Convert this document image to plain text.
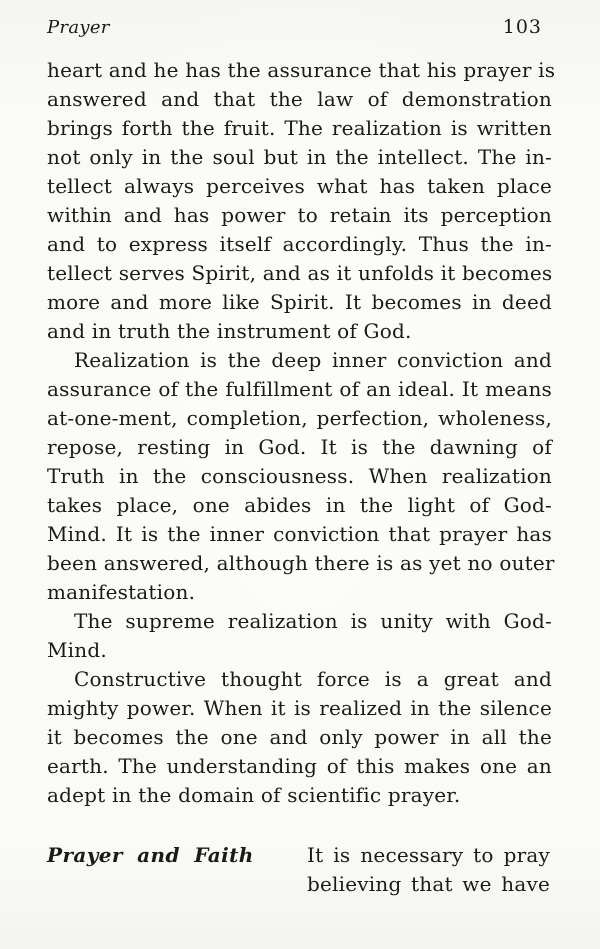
Prayer	103
heart and he has the assurance that his prayer is
answered and that the law of demonstration
brings forth the fruit. The realization is written
not only in the soul but in the intellect. The in-
tellect always perceives what has taken place
within and has power to retain its perception
and to express itself accordingly. Thus the in-
tellect serves Spirit, and as it unfolds it becomes
more and more like Spirit. It becomes in deed
and in truth the instrument of God.
Realization is the deep inner conviction and
assurance of the fulfillment of an ideal. It means
at-one-ment, completion, perfection, wholeness,
repose, resting in God. It is the dawning of
Truth in the consciousness. When realization
takes place, one abides in the light of God-
Mind. It is the inner conviction that prayer has
been answered, although there is as yet no outer
manifestation.
The supreme realization is unity with God-
Mind.
Constructive thought force is a great and
mighty power. When it is realized in the silence
it becomes the one and only power in all the
earth. The understanding of this makes one an
adept in the domain of scientific prayer.
Prayer and Faith	It is necessary to pray
believing that we have
